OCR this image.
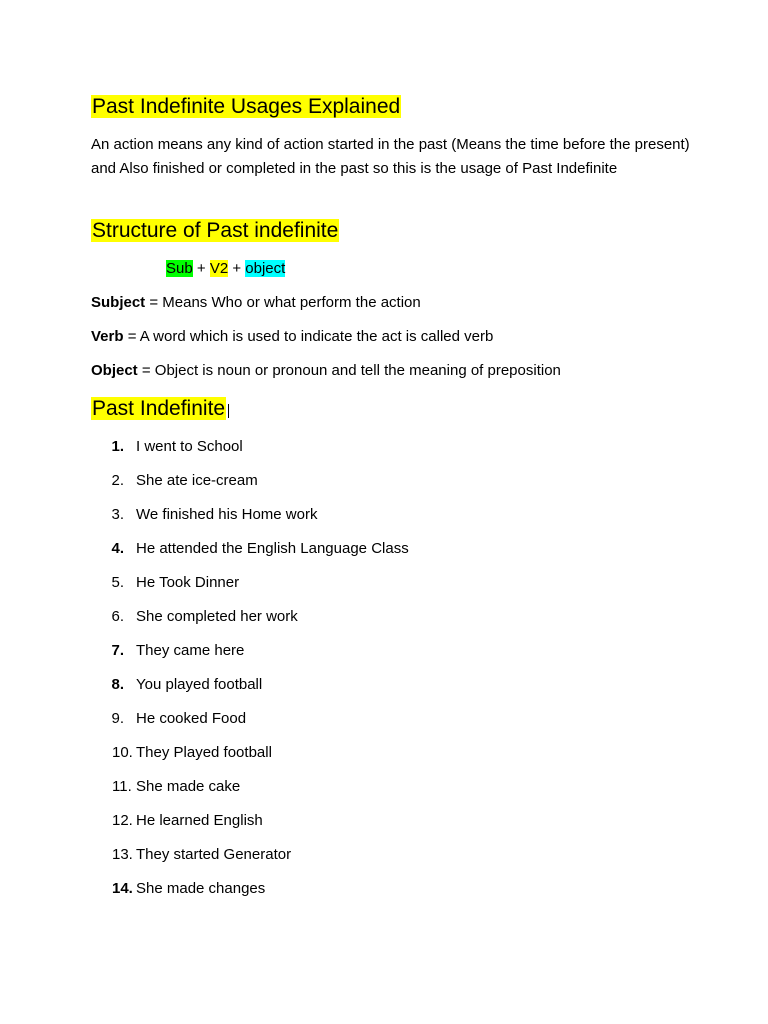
Past Indefinite Usages Explained
An action means any kind of action started in the past (Means the time before the present) and Also finished or completed in the past so this is the usage of Past Indefinite
Structure of Past indefinite
Sub + V2 + object
Subject = Means Who or what perform the action
Verb = A word which is used to indicate the act is called verb
Object = Object is noun or pronoun and tell the meaning of preposition
Past Indefinite
1. I went to School
2. She ate ice-cream
3. We finished his Home work
4. He attended the English Language Class
5. He Took Dinner
6. She completed her work
7. They came here
8. You played football
9. He cooked Food
10. They Played football
11. She made cake
12. He learned English
13. They started Generator
14. She made changes
